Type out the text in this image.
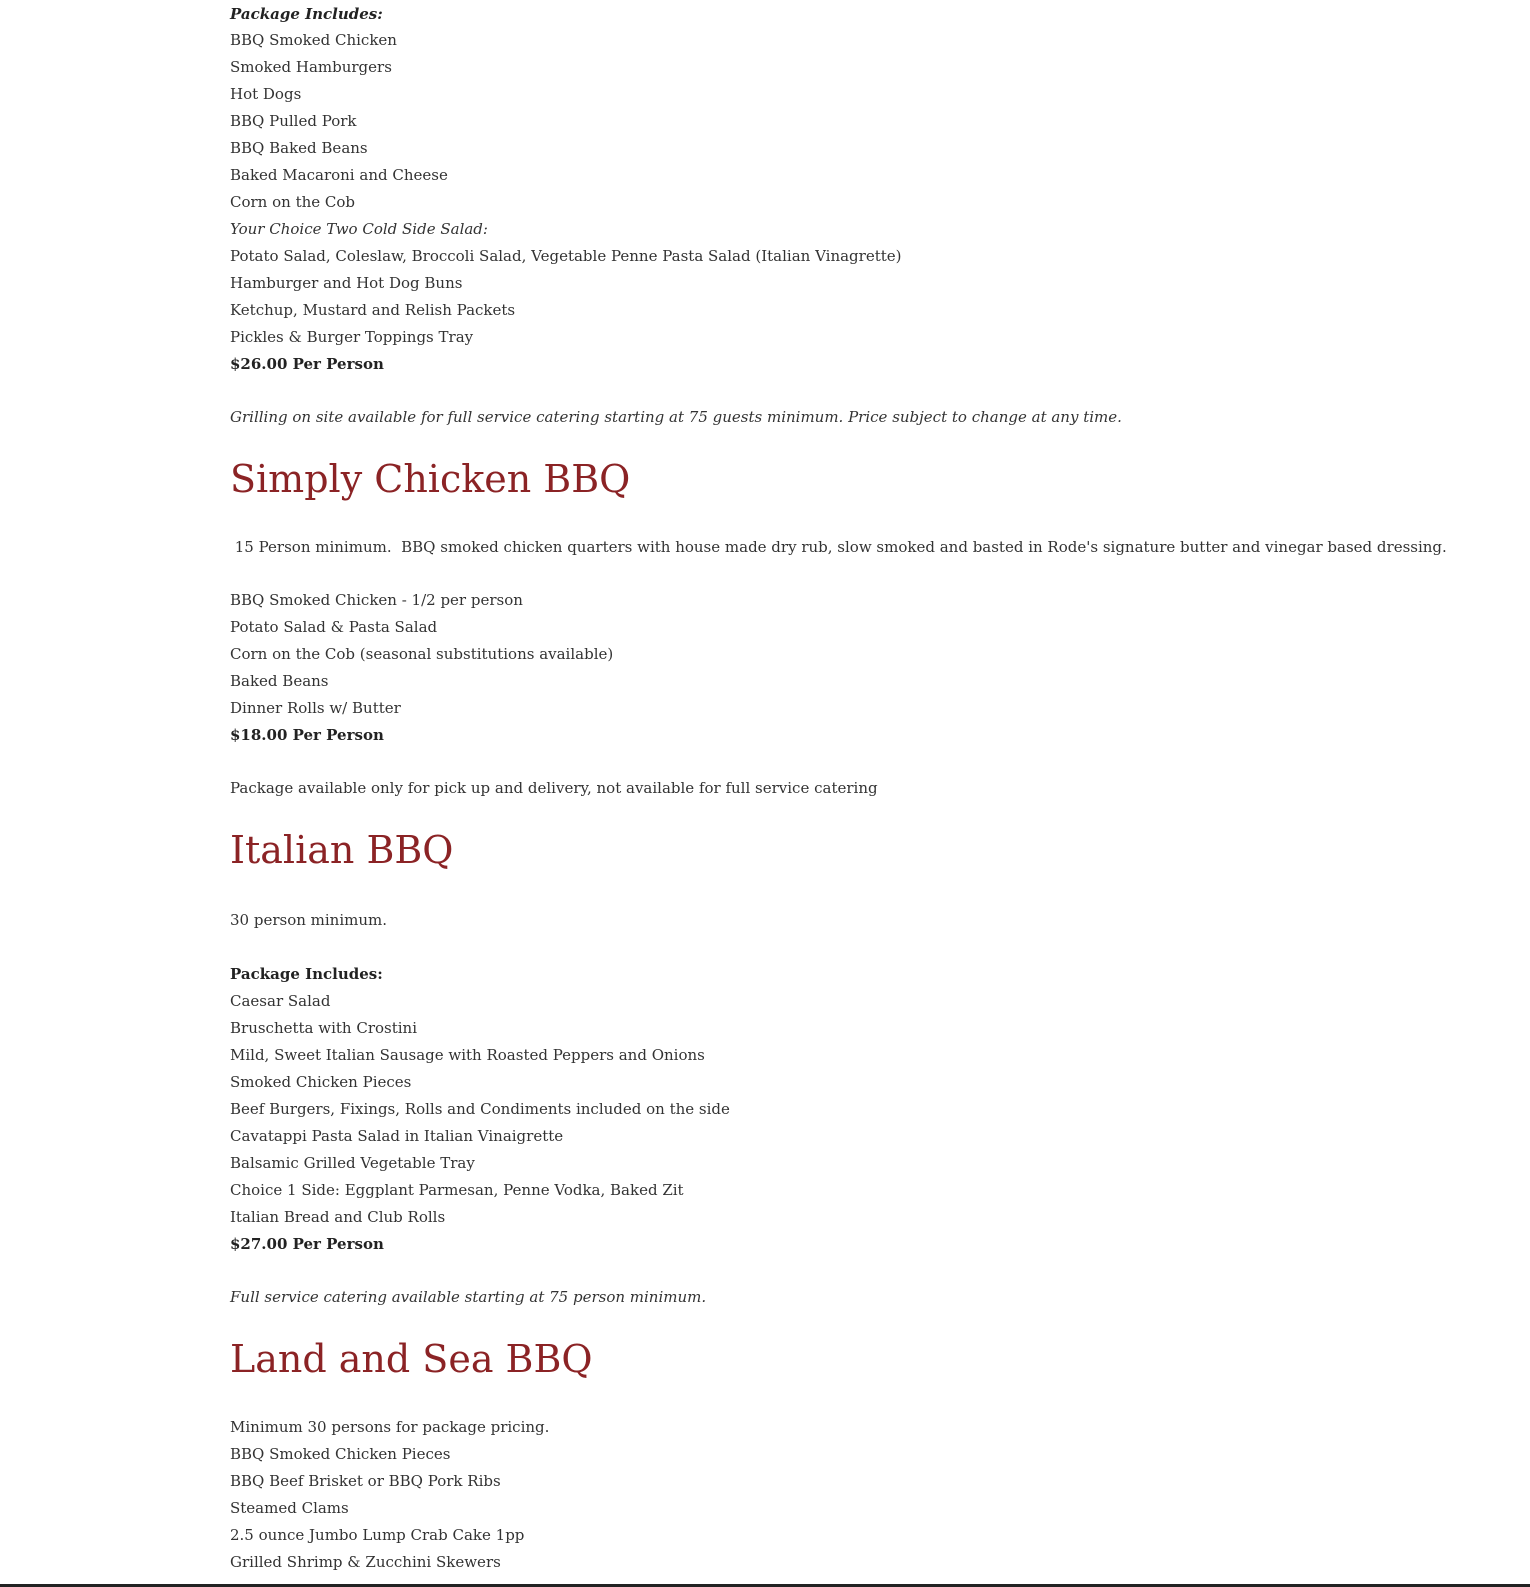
Package Includes:
BBQ Smoked Chicken
Smoked Hamburgers
Hot Dogs
BBQ Pulled Pork
BBQ Baked Beans
Baked Macaroni and Cheese
Corn on the Cob
Your Choice Two Cold Side Salad:
Potato Salad, Coleslaw, Broccoli Salad, Vegetable Penne Pasta Salad (Italian Vinagrette)
Hamburger and Hot Dog Buns
Ketchup, Mustard and Relish Packets
Pickles & Burger Toppings Tray
$26.00 Per Person
Grilling on site available for full service catering starting at 75 guests minimum. Price subject to change at any time.
Simply Chicken BBQ
15 Person minimum.  BBQ smoked chicken quarters with house made dry rub, slow smoked and basted in Rode's signature butter and vinegar based dressing.
BBQ Smoked Chicken - 1/2 per person
Potato Salad & Pasta Salad
Corn on the Cob (seasonal substitutions available)
Baked Beans
Dinner Rolls w/ Butter
$18.00 Per Person
Package available only for pick up and delivery, not available for full service catering
Italian BBQ
30 person minimum.
Package Includes:
Caesar Salad
Bruschetta with Crostini
Mild, Sweet Italian Sausage with Roasted Peppers and Onions
Smoked Chicken Pieces
Beef Burgers, Fixings, Rolls and Condiments included on the side
Cavatappi Pasta Salad in Italian Vinaigrette
Balsamic Grilled Vegetable Tray
Choice 1 Side: Eggplant Parmesan, Penne Vodka, Baked Zit
Italian Bread and Club Rolls
$27.00 Per Person
Full service catering available starting at 75 person minimum.
Land and Sea BBQ
Minimum 30 persons for package pricing.
BBQ Smoked Chicken Pieces
BBQ Beef Brisket or BBQ Pork Ribs
Steamed Clams
2.5 ounce Jumbo Lump Crab Cake 1pp
Grilled Shrimp & Zucchini Skewers
